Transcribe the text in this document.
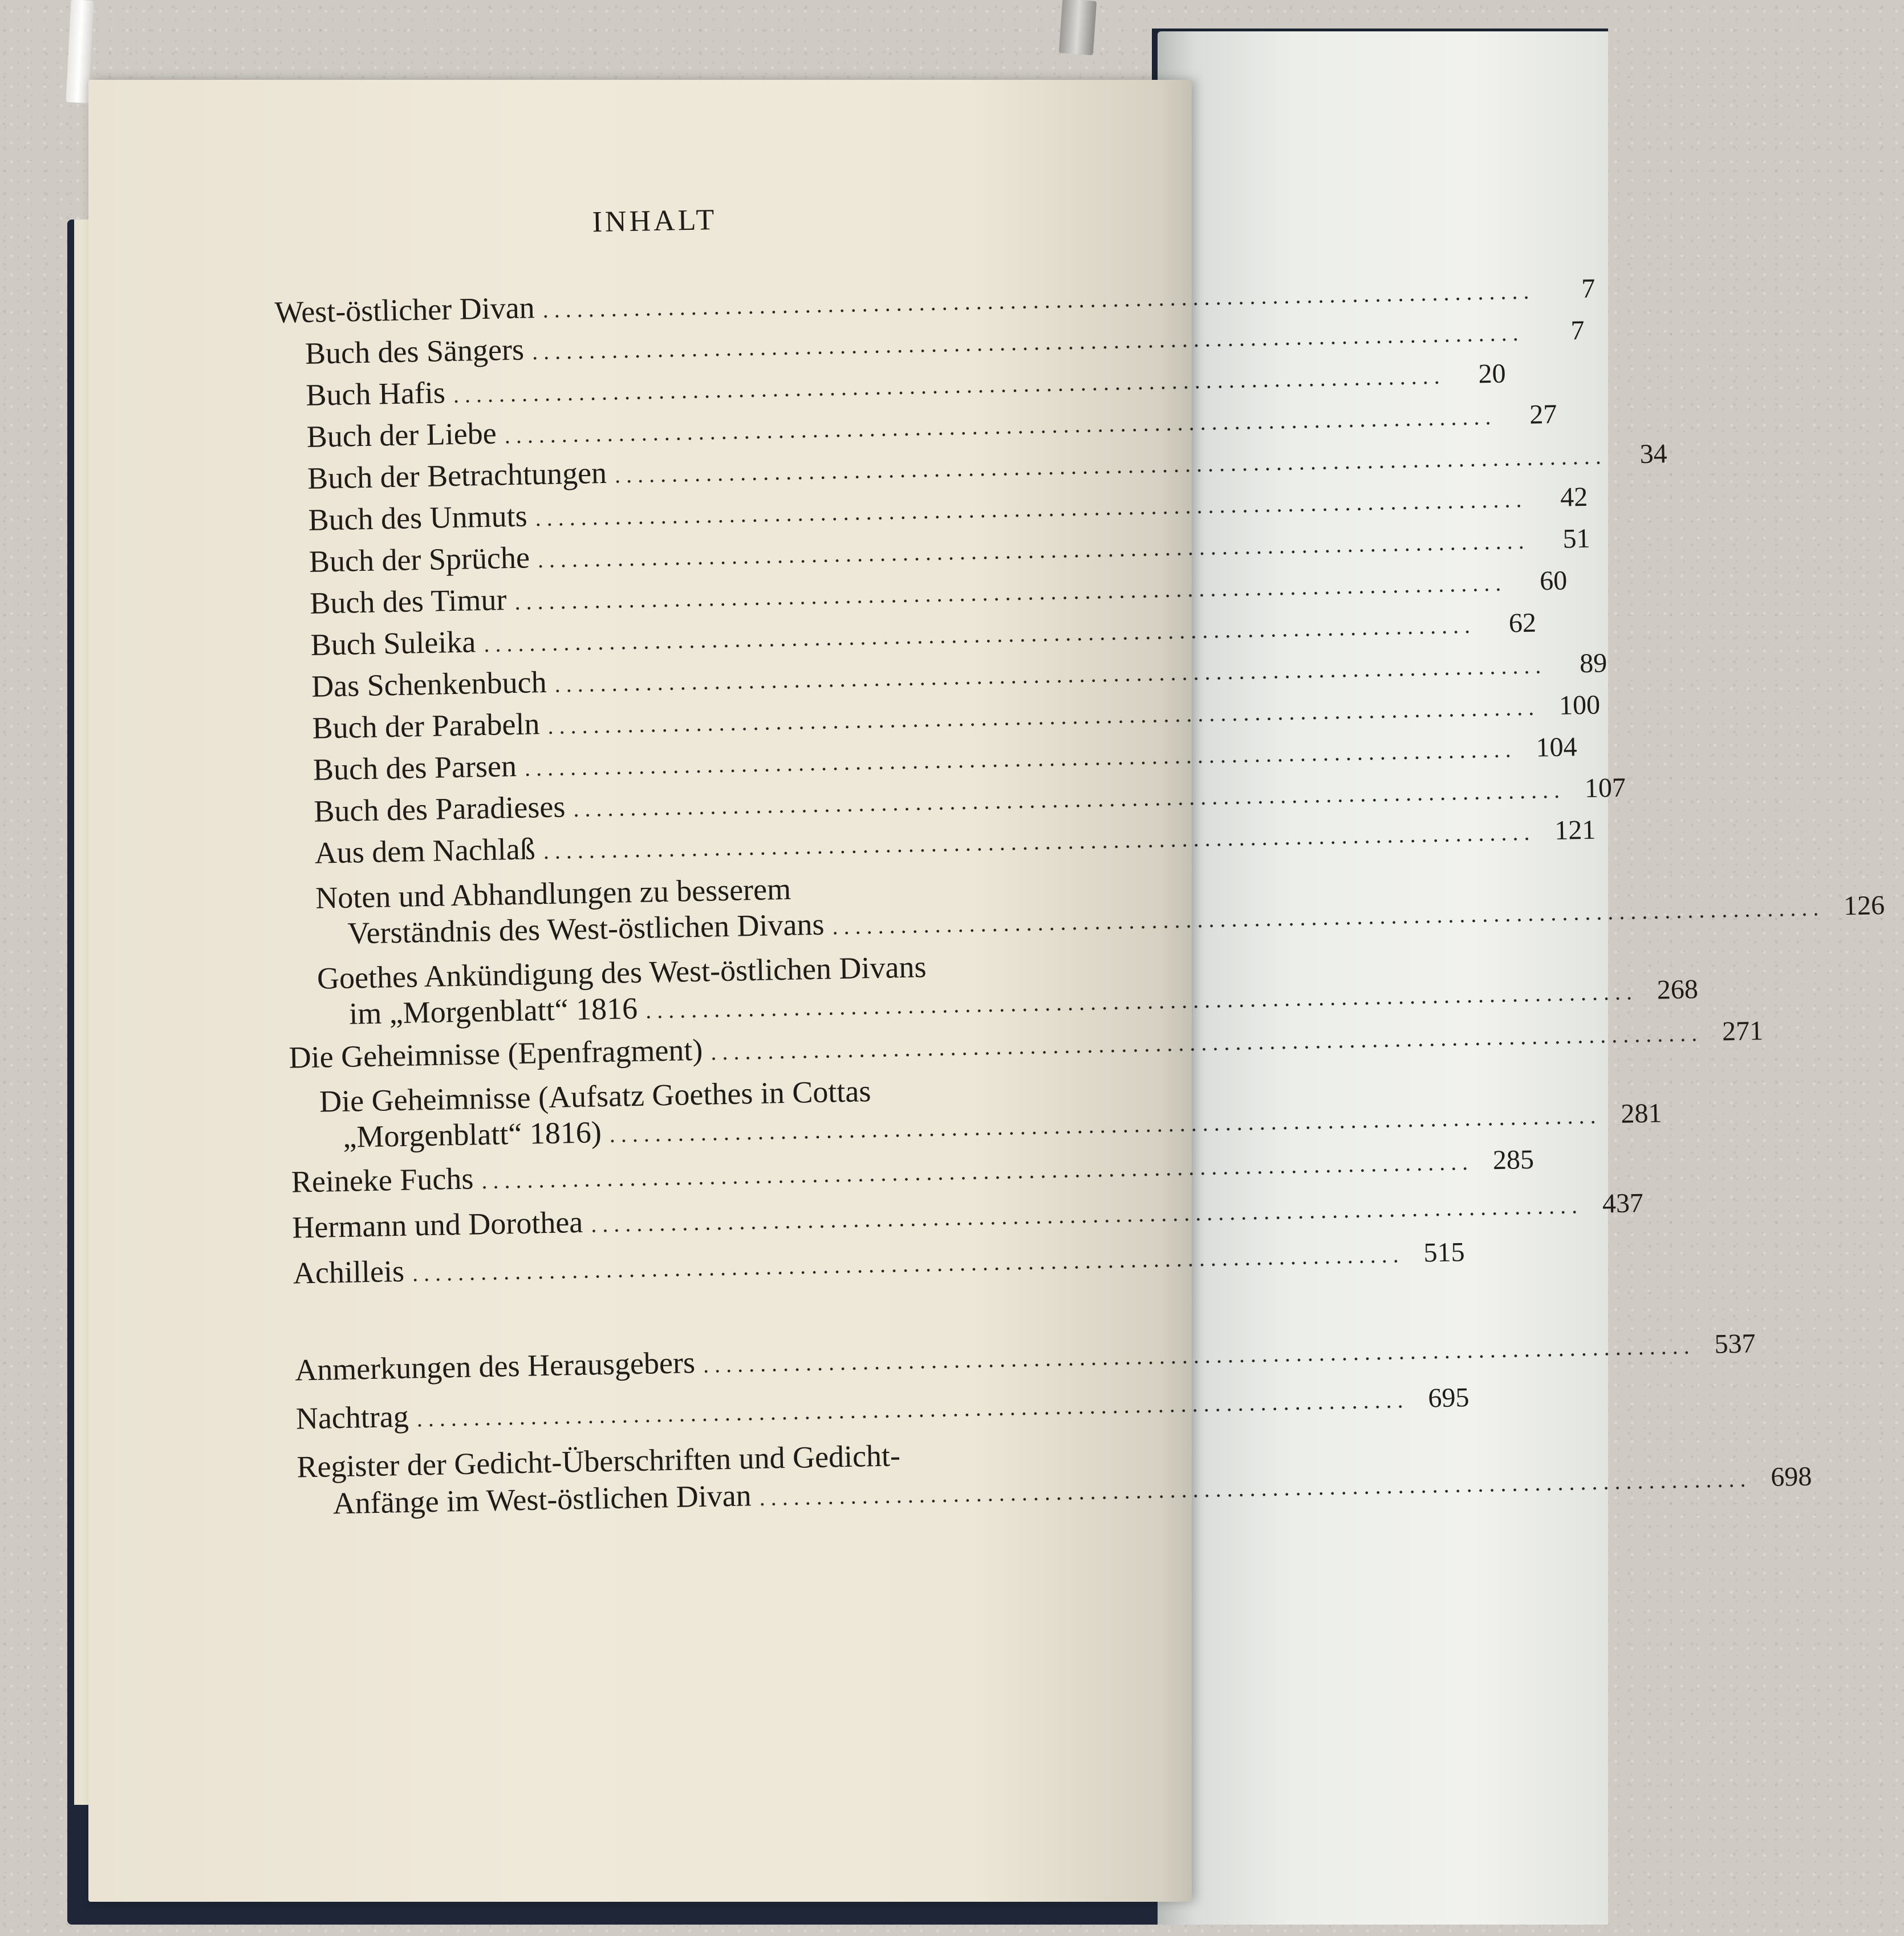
INHALT
West-östlicher Divan .......................................................................................	7
Buch des Sängers .......................................................................................	7
Buch Hafis .......................................................................................	20
Buch der Liebe .......................................................................................	27
Buch der Betrachtungen .......................................................................................	34
Buch des Unmuts .......................................................................................	42
Buch der Sprüche .......................................................................................	51
Buch des Timur .......................................................................................	60
Buch Suleika .......................................................................................	62
Das Schenkenbuch .......................................................................................	89
Buch der Parabeln ....................................................................................... 100
Buch des Parsen ....................................................................................... 104
Buch des Paradieses ....................................................................................... 107
Aus dem Nachlaß ....................................................................................... 121
Noten und Abhandlungen zu besserem
Verständnis des West-östlichen Divans ....................................................................................... 126
Goethes Ankündigung des West-östlichen Divans
im „Morgenblatt“ 1816 ....................................................................................... 268
Die Geheimnisse (Epenfragment) ....................................................................................... 271
Die Geheimnisse (Aufsatz Goethes in Cottas
„Morgenblatt“ 1816) ....................................................................................... 281
Reineke Fuchs ....................................................................................... 285
Hermann und Dorothea ....................................................................................... 437
Achilleis ....................................................................................... 515
Anmerkungen des Herausgebers ....................................................................................... 537
Nachtrag ....................................................................................... 695
Register der Gedicht-Überschriften und Gedicht-
Anfänge im West-östlichen Divan ....................................................................................... 698
